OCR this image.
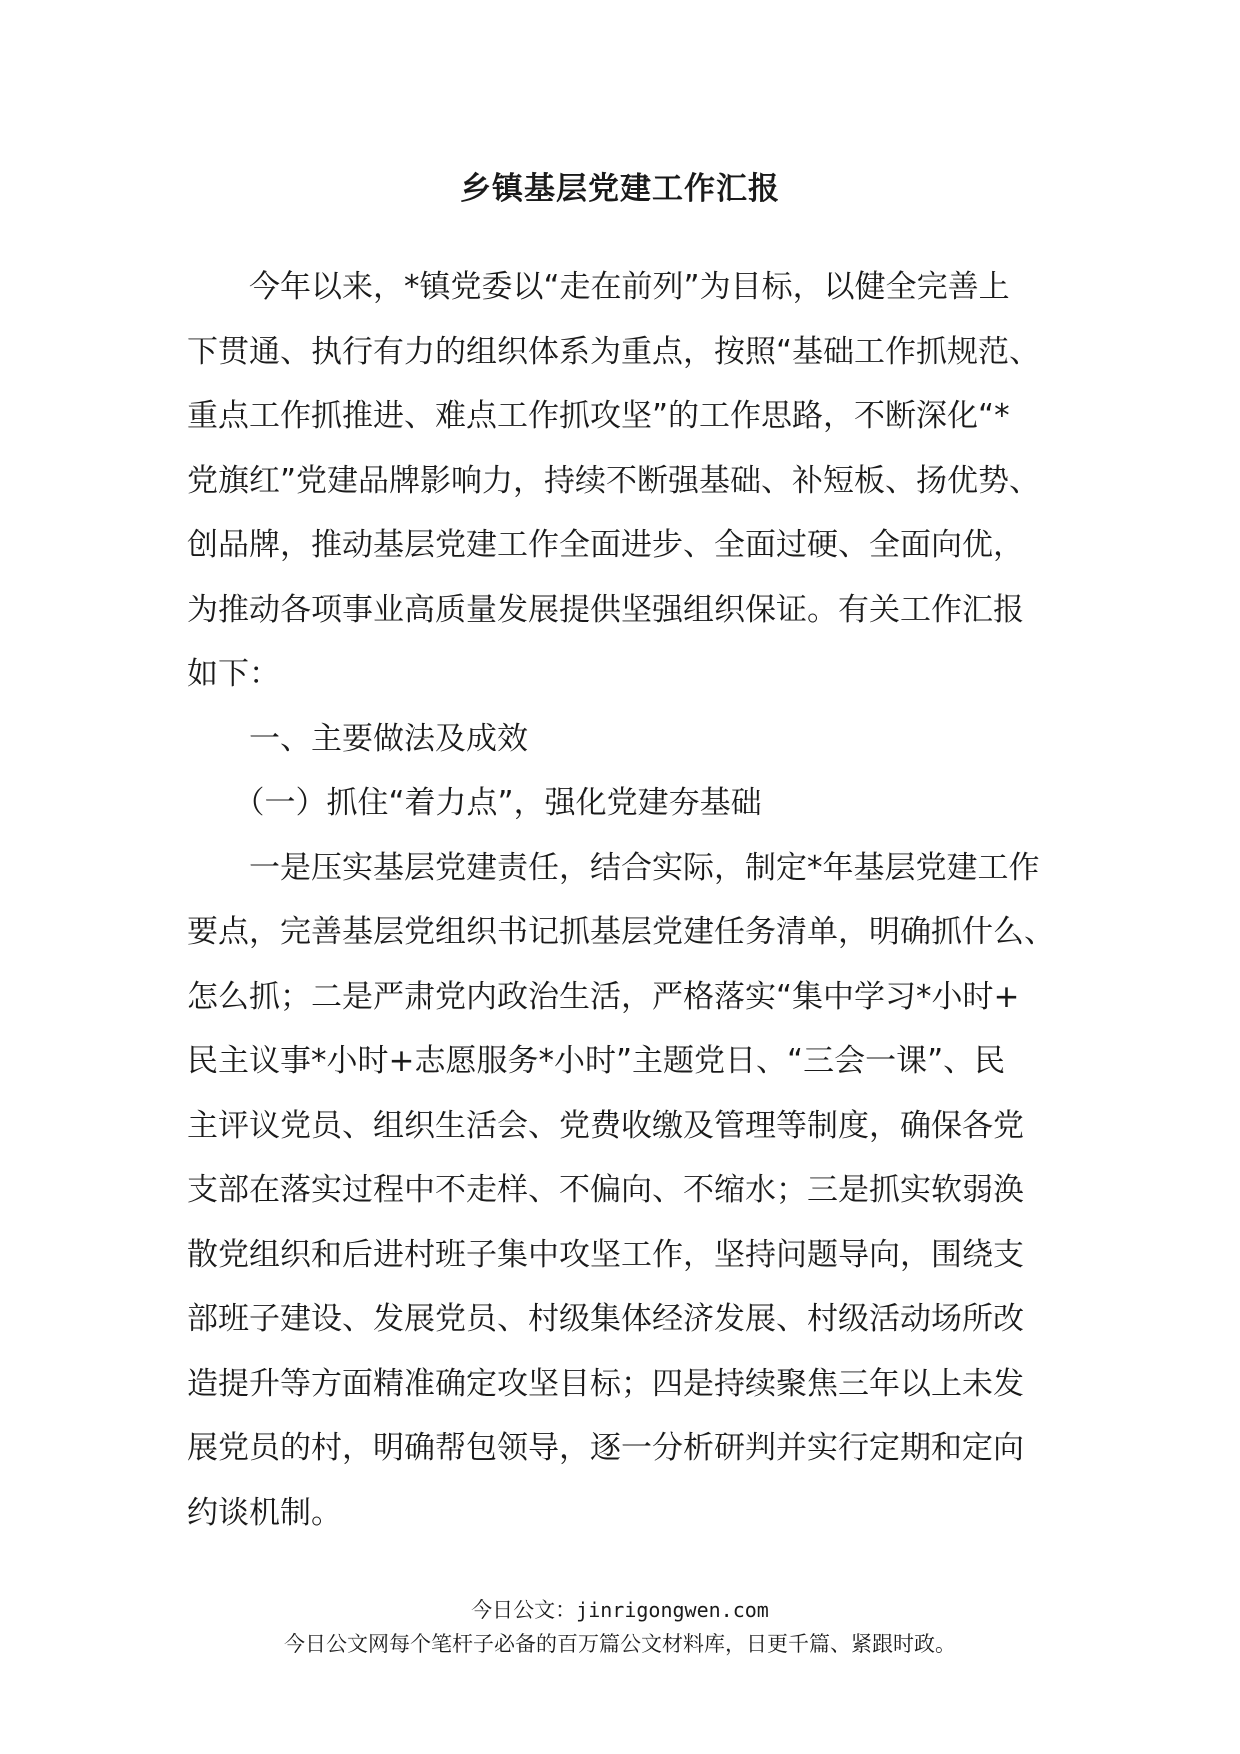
乡镇基层党建工作汇报
　　今年以来，*镇党委以“走在前列”为目标，以健全完善上
下贯通、执行有力的组织体系为重点，按照“基础工作抓规范、
重点工作抓推进、难点工作抓攻坚”的工作思路，不断深化“*
党旗红”党建品牌影响力，持续不断强基础、补短板、扬优势、
创品牌，推动基层党建工作全面进步、全面过硬、全面向优，
为推动各项事业高质量发展提供坚强组织保证。有关工作汇报
如下：
　　一、主要做法及成效
　　（一）抓住“着力点”，强化党建夯基础
　　一是压实基层党建责任，结合实际，制定*年基层党建工作
要点，完善基层党组织书记抓基层党建任务清单，明确抓什么、
怎么抓；二是严肃党内政治生活，严格落实“集中学习*小时+
民主议事*小时+志愿服务*小时”主题党日、“三会一课”、民
主评议党员、组织生活会、党费收缴及管理等制度，确保各党
支部在落实过程中不走样、不偏向、不缩水；三是抓实软弱涣
散党组织和后进村班子集中攻坚工作，坚持问题导向，围绕支
部班子建设、发展党员、村级集体经济发展、村级活动场所改
造提升等方面精准确定攻坚目标；四是持续聚焦三年以上未发
展党员的村，明确帮包领导，逐一分析研判并实行定期和定向
约谈机制。
今日公文：jinrigongwen.com
今日公文网每个笔杆子必备的百万篇公文材料库，日更千篇、紧跟时政。
